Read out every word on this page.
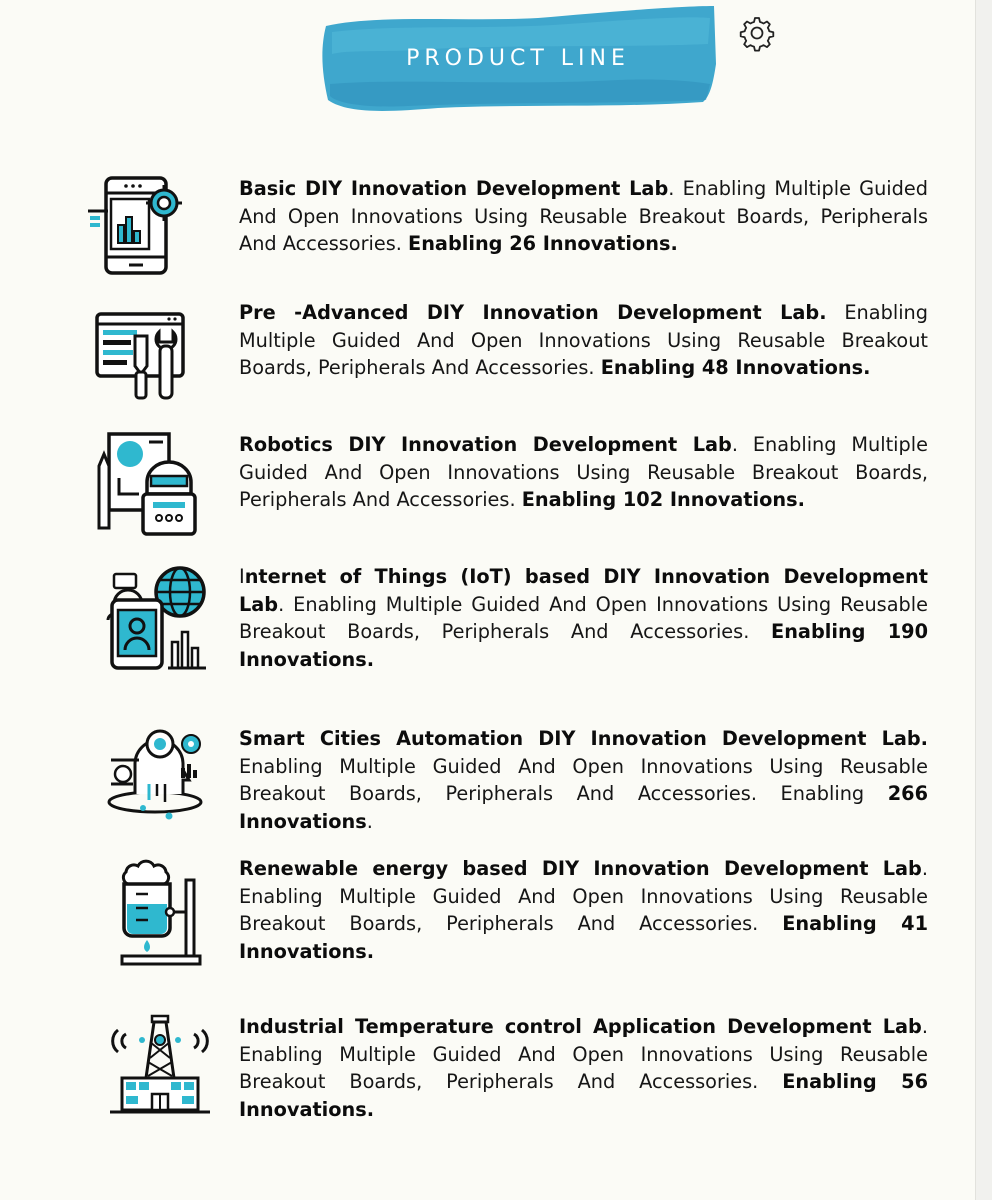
PRODUCT LINE
Basic DIY Innovation Development Lab. Enabling Multiple Guided And Open Innovations Using Reusable Breakout Boards, Peripherals And Accessories. Enabling 26 Innovations.
Pre -Advanced DIY Innovation Development Lab. Enabling Multiple Guided And Open Innovations Using Reusable Breakout Boards, Peripherals And Accessories. Enabling 48 Innovations.
Robotics DIY Innovation Development Lab. Enabling Multiple Guided And Open Innovations Using Reusable Breakout Boards, Peripherals And Accessories. Enabling 102 Innovations.
Internet of Things (IoT) based DIY Innovation Development Lab. Enabling Multiple Guided And Open Innovations Using Reusable Breakout Boards, Peripherals And Accessories. Enabling 190 Innovations.
Smart Cities Automation DIY Innovation Development Lab. Enabling Multiple Guided And Open Innovations Using Reusable Breakout Boards, Peripherals And Accessories. Enabling 266 Innovations.
Renewable energy based DIY Innovation Development Lab. Enabling Multiple Guided And Open Innovations Using Reusable Breakout Boards, Peripherals And Accessories. Enabling 41 Innovations.
Industrial Temperature control Application Development Lab. Enabling Multiple Guided And Open Innovations Using Reusable Breakout Boards, Peripherals And Accessories. Enabling 56 Innovations.
